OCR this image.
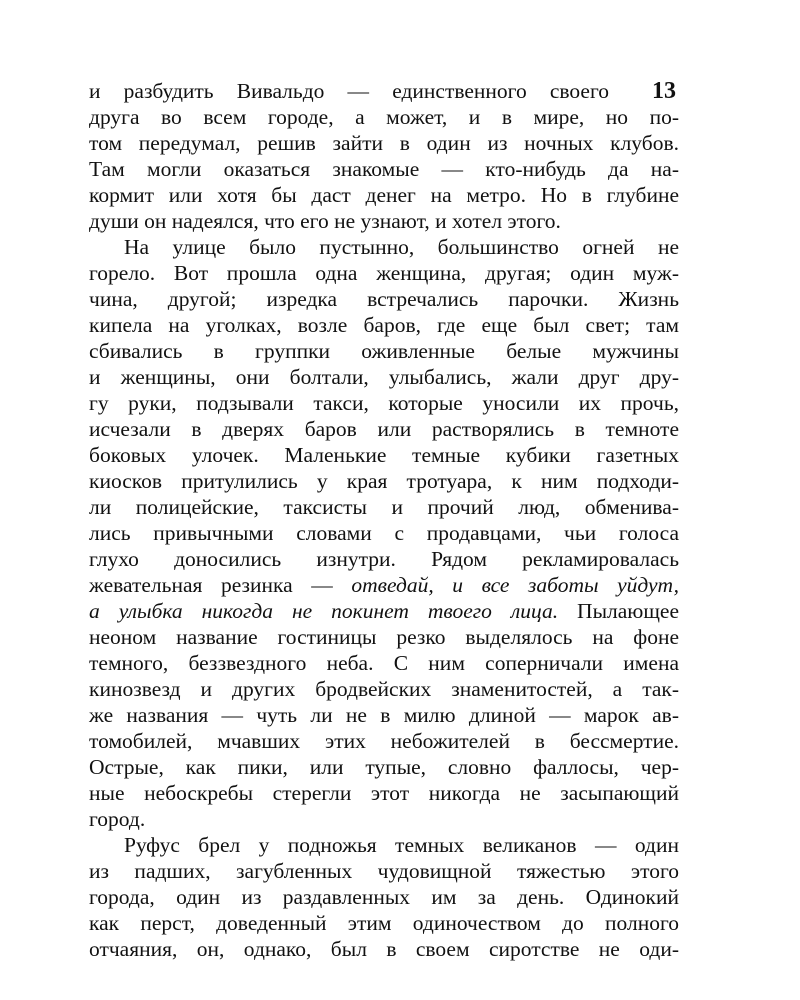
13
и разбудить Вивальдо — единственного своего
друга во всем городе, а может, и в мире, но по-
том передумал, решив зайти в один из ночных клубов.
Там могли оказаться знакомые — кто-нибудь да на-
кормит или хотя бы даст денег на метро. Но в глубине
души он надеялся, что его не узнают, и хотел этого.
На улице было пустынно, большинство огней не
горело. Вот прошла одна женщина, другая; один муж-
чина, другой; изредка встречались парочки. Жизнь
кипела на уголках, возле баров, где еще был свет; там
сбивались в группки оживленные белые мужчины
и женщины, они болтали, улыбались, жали друг дру-
гу руки, подзывали такси, которые уносили их прочь,
исчезали в дверях баров или растворялись в темноте
боковых улочек. Маленькие темные кубики газетных
киосков притулились у края тротуара, к ним подходи-
ли полицейские, таксисты и прочий люд, обменива-
лись привычными словами с продавцами, чьи голоса
глухо доносились изнутри. Рядом рекламировалась
жевательная резинка — отведай, и все заботы уйдут,
а улыбка никогда не покинет твоего лица. Пылающее
неоном название гостиницы резко выделялось на фоне
темного, беззвездного неба. С ним соперничали имена
кинозвезд и других бродвейских знаменитостей, а так-
же названия — чуть ли не в милю длиной — марок ав-
томобилей, мчавших этих небожителей в бессмертие.
Острые, как пики, или тупые, словно фаллосы, чер-
ные небоскребы стерегли этот никогда не засыпающий
город.
Руфус брел у подножья темных великанов — один
из падших, загубленных чудовищной тяжестью этого
города, один из раздавленных им за день. Одинокий
как перст, доведенный этим одиночеством до полного
отчаяния, он, однако, был в своем сиротстве не оди-
